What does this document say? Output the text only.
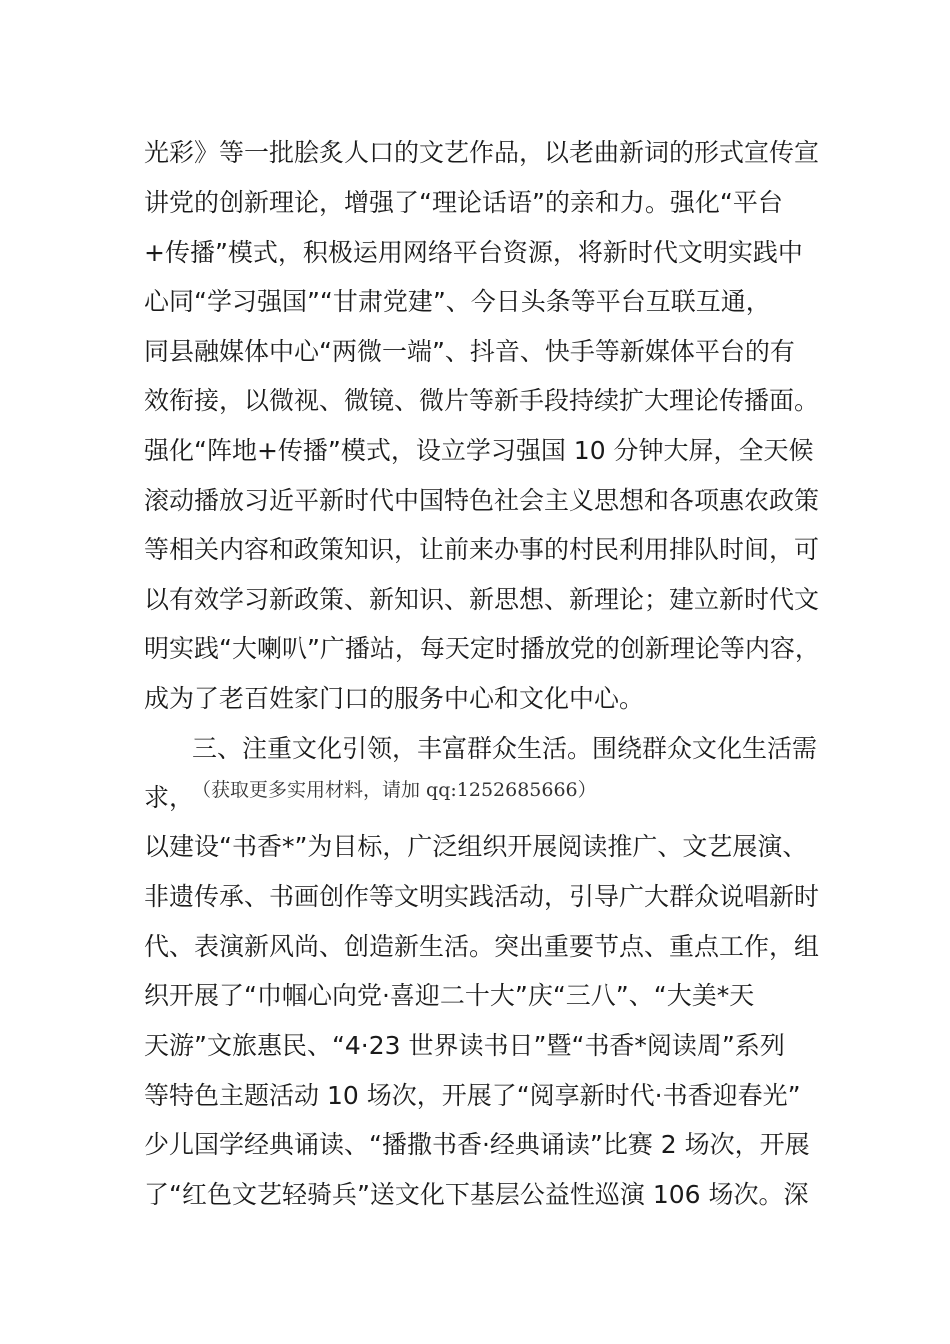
光彩》等一批脍炙人口的文艺作品，以老曲新词的形式宣传宣
讲党的创新理论，增强了“理论话语”的亲和力。强化“平台
+传播”模式，积极运用网络平台资源，将新时代文明实践中
心同“学习强国”“甘肃党建”、今日头条等平台互联互通，
同县融媒体中心“两微一端”、抖音、快手等新媒体平台的有
效衔接，以微视、微镜、微片等新手段持续扩大理论传播面。
强化“阵地+传播”模式，设立学习强国 10 分钟大屏，全天候
滚动播放习近平新时代中国特色社会主义思想和各项惠农政策
等相关内容和政策知识，让前来办事的村民利用排队时间，可
以有效学习新政策、新知识、新思想、新理论；建立新时代文
明实践“大喇叭”广播站，每天定时播放党的创新理论等内容，
成为了老百姓家门口的服务中心和文化中心。
三、注重文化引领，丰富群众生活。围绕群众文化生活需
求，
（获取更多实用材料，请加 qq:1252685666）
以建设“书香*”为目标，广泛组织开展阅读推广、文艺展演、
非遗传承、书画创作等文明实践活动，引导广大群众说唱新时
代、表演新风尚、创造新生活。突出重要节点、重点工作，组
织开展了“巾帼心向党·喜迎二十大”庆“三八”、“大美*天
天游”文旅惠民、“4·23 世界读书日”暨“书香*阅读周”系列
等特色主题活动 10 场次，开展了“阅享新时代·书香迎春光”
少儿国学经典诵读、“播撒书香·经典诵读”比赛 2 场次，开展
了“红色文艺轻骑兵”送文化下基层公益性巡演 106 场次。深
